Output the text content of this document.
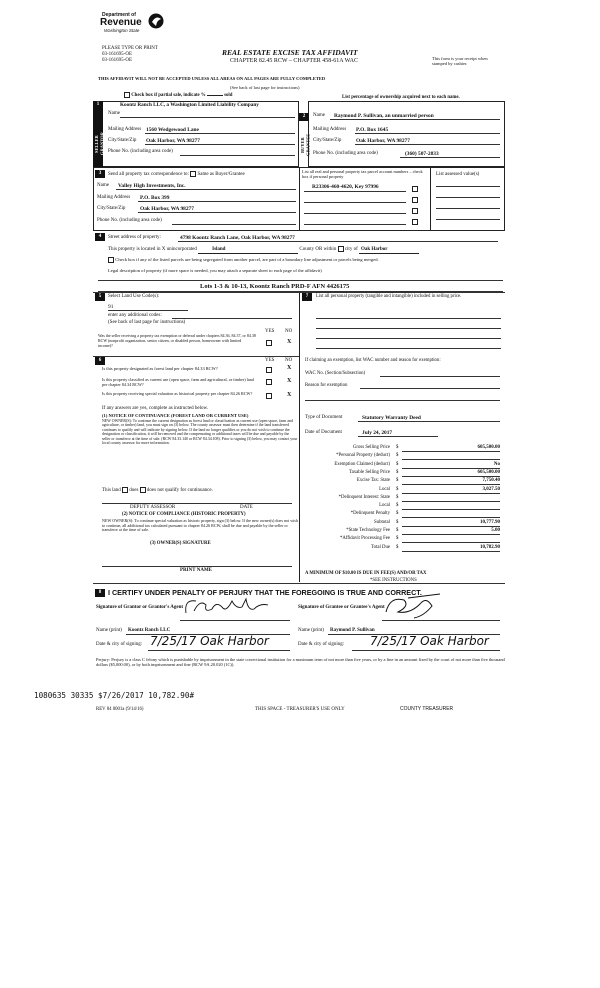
Department of
Revenue
Washington State
PLEASE TYPE OR PRINT
03-161695-OE
03-161695-OE
REAL ESTATE EXCISE TAX AFFIDAVIT
CHAPTER 82.45 RCW – CHAPTER 458-61A WAC	This form is your receipt when stamped by cashier.
THIS AFFIDAVIT WILL NOT BE ACCEPTED UNLESS ALL AREAS ON ALL PAGES ARE FULLY COMPLETED
(See back of last page for instructions)
Check box if partial sale, indicate %	sold	List percentage of ownership acquired next to each name.
1
SELLER GRANTOR
Name
Koontz Ranch LLC, a Washington Limited Liability Company
Mailing Address 1560 Wedgewood Lane
City/State/Zip Oak Harbor, WA 98277
Phone No. (including area code)
2
BUYER GRANTEE
Name Raymond P. Sullivan, an unmarried person
Mailing Address P.O. Box 1645
City/State/Zip	Oak Harbor, WA 98277
Phone No. (including area code)	(360) 507-2833
3	Send all property tax correspondence to: Same as Buyer/Grantee
Name Valley High Investments, Inc.
Mailing Address P.O. Box 399
City/State/Zip	Oak Harbor, WA 98277
Phone No. (including area code)
List all real and personal property tax parcel account numbers – check box if personal property	List assessed value(s)
R23306-460-4620, Key 97996
4	Street address of property:	4798 Koontz Ranch Lane, Oak Harbor, WA 98277
This property is located in X unincorporated	Island	County OR within city of Oak Harbor
Check box if any of the listed parcels are being segregated from another parcel, are part of a boundary line adjustment or parcels being merged.
Legal description of property (if more space is needed, you may attach a separate sheet to each page of the affidavit)
Lots 1-3 & 10-13, Koontz Ranch PRD-F AFN 4426175
5	Select Land Use Code(s):
91
enter any additional codes:
(See back of last page for instructions)
YES NO
Was the seller receiving a property tax exemption or deferral under chapters 84.36, 84.37, or 84.38 RCW (nonprofit organization, senior citizen, or disabled person, homeowner with limited income)?
X
6	YES NO
Is this property designated as forest land per chapter 84.33 RCW?	X
Is this property classified as current use (open space, farm and agricultural, or timber) land per chapter 84.34 RCW?
X
Is this property receiving special valuation as historical property per chapter 84.26 RCW?	X
If any answers are yes, complete as instructed below.
(1) NOTICE OF CONTINUANCE (FOREST LAND OR CURRENT USE)
NEW OWNER(S): To continue the current designation as forest land or classification as current use (open space, farm and agriculture, or timber) land, you must sign on (3) below. The county assessor must then determine if the land transferred continues to qualify and will indicate by signing below. If the land no longer qualifies or you do not wish to continue the designation or classification, it will be removed and the compensating or additional taxes will be due and payable by the seller or transferor at the time of sale. (RCW 84.33.140 or RCW 84.34.108). Prior to signing (3) below, you may contact your local county assessor for more information.
This land does does not qualify for continuance.
DEPUTY ASSESSOR	DATE
(2) NOTICE OF COMPLIANCE (HISTORIC PROPERTY)
NEW OWNER(S): To continue special valuation as historic property, sign (3) below. If the new owner(s) does not wish to continue, all additional tax calculated pursuant to chapter 84.26 RCW, shall be due and payable by the seller or transferor at the time of sale.
(3) OWNER(S) SIGNATURE
PRINT NAME
7	List all personal property (tangible and intangible) included in selling price.
If claiming an exemption, list WAC number and reason for exemption:
WAC No. (Section/Subsection)
Reason for exemption
Type of Document	Statutory Warranty Deed
Date of Document	July 24, 2017
Gross Selling Price $	605,500.00
*Personal Property (deduct) $
Exemption Claimed (deduct) $	No
Taxable Selling Price $	605,500.00
Excise Tax: State $	7,750.40
Local $	3,027.50
*Delinquent Interest: State $
Local $
*Delinquent Penalty $
Subtotal $	10,777.90
*State Technology Fee $	5.00
*Affidavit Processing Fee $
Total Due $	10,782.90
A MINIMUM OF $10.00 IS DUE IN FEE(S) AND/OR TAX
*SEE INSTRUCTIONS
8 I CERTIFY UNDER PENALTY OF PERJURY THAT THE FOREGOING IS TRUE AND CORRECT.
Signature of Grantor or Grantor's Agent	Signature of Grantee or Grantee's Agent
Name (print) Koontz Ranch LLC	Name (print) Raymond P. Sullivan
Date & city of signing: 7/25/17 Oak Harbor	Date & city of signing: 7/25/17 Oak Harbor
Perjury: Perjury is a class C felony which is punishable by imprisonment in the state correctional institution for a maximum term of not more than five years, or by a fine in an amount fixed by the court of not more than five thousand dollars ($5,000.00), or by both imprisonment and fine (RCW 9A.20.020 (1C)).
1080635 30335 $7/26/2017 10,782.90#
REV 84 0001a (9/14/16)	THIS SPACE - TREASURER'S USE ONLY	COUNTY TREASURER
